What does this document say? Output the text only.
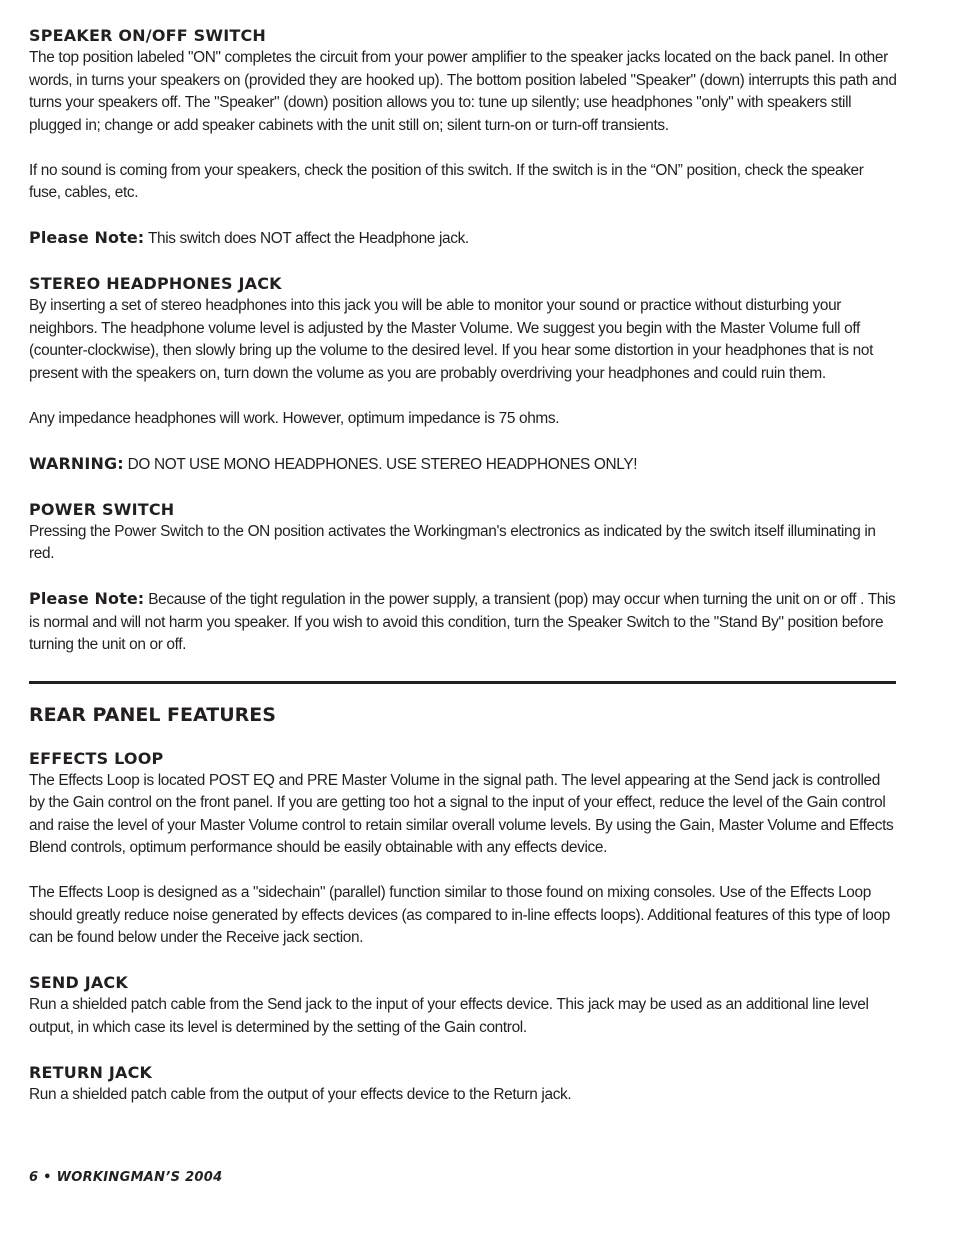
SPEAKER ON/OFF SWITCH

The top position labeled "ON" completes the circuit from your power amplifier to the speaker jacks located on the back panel. In other words, in turns your speakers on (provided they are hooked up). The bottom position labeled "Speaker" (down) interrupts this path and turns your speakers off. The "Speaker" (down) position allows you to: tune up silently; use headphones "only" with speakers still plugged in; change or add speaker cabinets with the unit still on; silent turn-on or turn-off transients.

If no sound is coming from your speakers, check the position of this switch. If the switch is in the “ON” position, check the speaker fuse, cables, etc.

Please Note: This switch does NOT affect the Headphone jack.

STEREO HEADPHONES JACK

By inserting a set of stereo headphones into this jack you will be able to monitor your sound or practice without disturbing your neighbors. The headphone volume level is adjusted by the Master Volume. We suggest you begin with the Master Volume full off (counter-clockwise), then slowly bring up the volume to the desired level. If you hear some distortion in your headphones that is not present with the speakers on, turn down the volume as you are probably overdriving your headphones and could ruin them.

Any impedance headphones will work. However, optimum impedance is 75 ohms.

WARNING: DO NOT USE MONO HEADPHONES. USE STEREO HEADPHONES ONLY!

POWER SWITCH

Pressing the Power Switch to the ON position activates the Workingman's electronics as indicated by the switch itself illuminating in red.

Please Note: Because of the tight regulation in the power supply, a transient (pop) may occur when turning the unit on or off . This is normal and will not harm you speaker. If you wish to avoid this condition, turn the Speaker Switch to the "Stand By" position before turning the unit on or off.

REAR PANEL FEATURES
EFFECTS LOOP

The Effects Loop is located POST EQ and PRE Master Volume in the signal path. The level appearing at the Send jack is controlled by the Gain control on the front panel. If you are getting too hot a signal to the input of your effect, reduce the level of the Gain control and raise the level of your Master Volume control to retain similar overall volume levels. By using the Gain, Master Volume and Effects Blend controls, optimum performance should be easily obtainable with any effects device.

The Effects Loop is designed as a "sidechain" (parallel) function similar to those found on mixing consoles. Use of the Effects Loop should greatly reduce noise generated by effects devices (as compared to in-line effects loops). Additional features of this type of loop can be found below under the Receive jack section.

SEND JACK

Run a shielded patch cable from the Send jack to the input of your effects device. This jack may be used as an additional line level output, in which case its level is determined by the setting of the Gain control.

RETURN JACK

Run a shielded patch cable from the output of your effects device to the Return jack.

6 • WORKINGMAN’S 2004
